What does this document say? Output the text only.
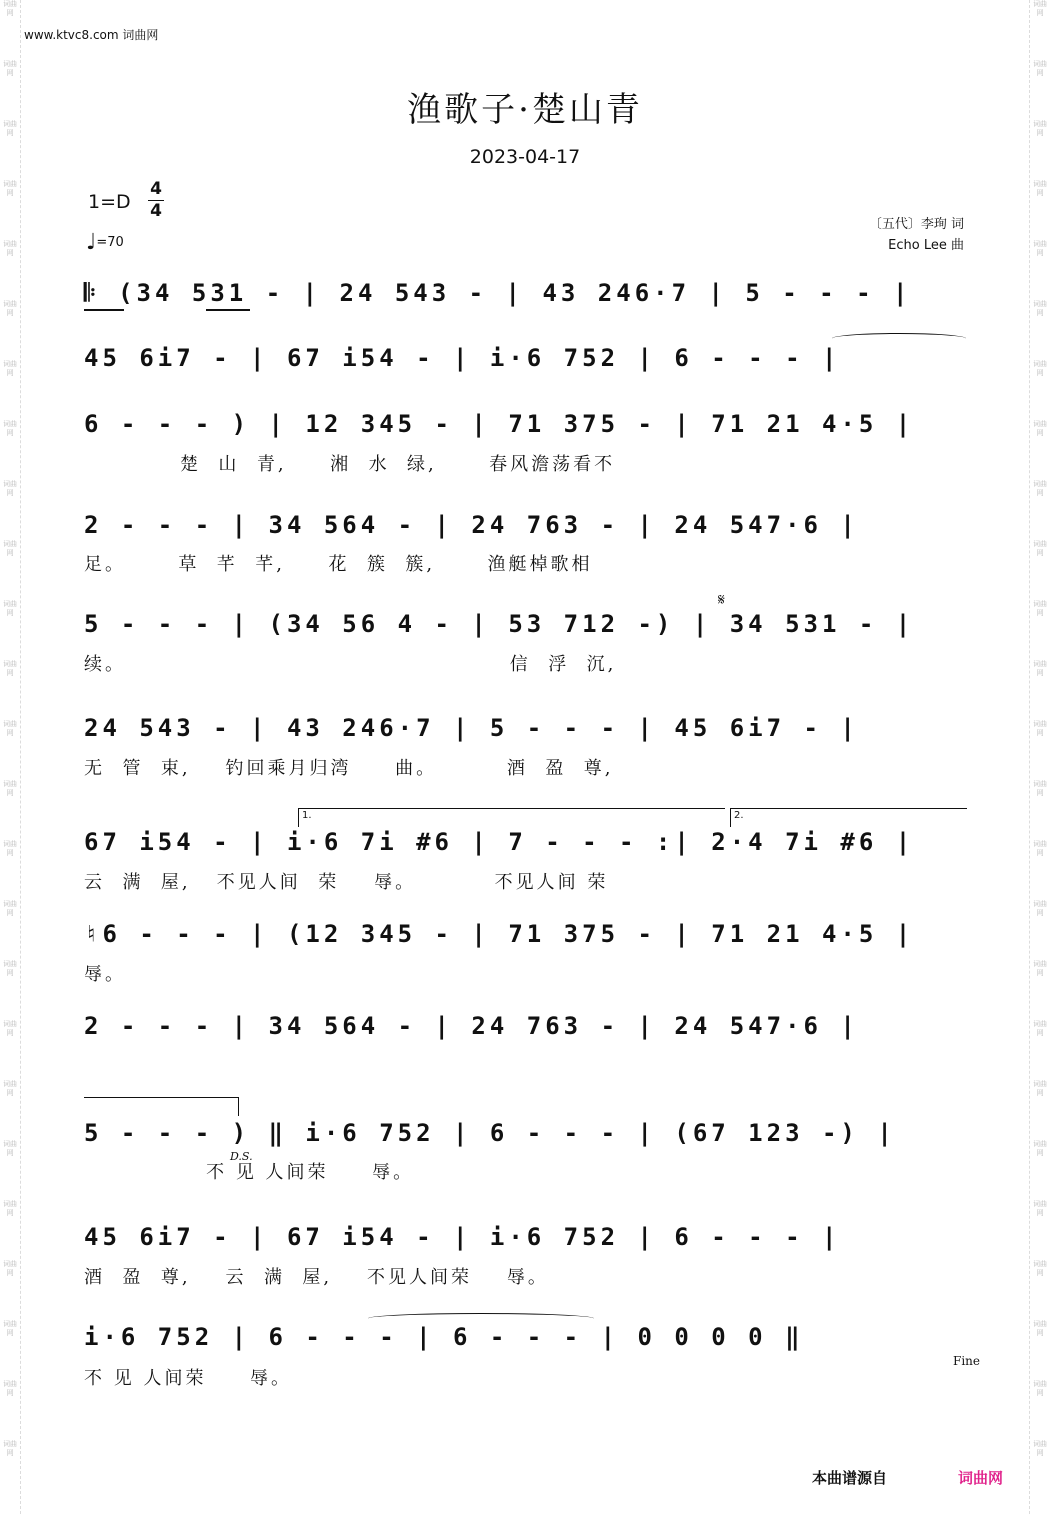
词曲网
词曲网
词曲网
词曲网
词曲网
词曲网
词曲网
词曲网
词曲网
词曲网
词曲网
词曲网
词曲网
词曲网
词曲网
词曲网
词曲网
词曲网
词曲网
词曲网
词曲网
词曲网
词曲网
词曲网
词曲网
词曲网
词曲网
词曲网
词曲网
词曲网
词曲网
词曲网
词曲网
词曲网
词曲网
词曲网
词曲网
词曲网
词曲网
词曲网
词曲网
词曲网
词曲网
词曲网
词曲网
词曲网
词曲网
词曲网
词曲网
词曲网
www.ktvc8.com 词曲网
渔歌子·楚山青
2023-04-17
1=D
4
4
♩=70
〔五代〕李珣 词
Echo Lee 曲
𝄆 (34 531 - | 24 543 - | 43 246·7 | 5 - - - |
45 6i7 - | 67 i54 - | i·6 752 | 6 - - - |
6 - - - ) | 12 345 - | 71 375 - | 71 21 4·5 |
楚  山  青,     湘  水  绿,      春风澹荡看不
2 - - - | 34 564 - | 24 763 - | 24 547·6 |
足。      草  芊  芊,     花  簇  簇,      渔艇棹歌相
𝄋
5 - - - | (34 56 4 - | 53 712 -) | 34 531 - |
续。                                            信  浮  沉,
24 543 - | 43 246·7 | 5 - - - | 45 6i7 - |
无  管  束,    钓回乘月归湾     曲。        酒  盈  尊,
1.	2.
67 i54 - | i·6 7i #6 | 7 - - - :| 2·4 7i #6 |
云  满  屋,   不见人间  荣    辱。         不见人间 荣
♮6 - - - | (12 345 - | 71 375 - | 71 21 4·5 |
辱。
2 - - - | 34 564 - | 24 763 - | 24 547·6 |
5 - - - ) ‖ i·6 752 | 6 - - - | (67 123 -) |
D.S.
不 见 人间荣     辱。
45 6i7 - | 67 i54 - | i·6 752 | 6 - - - |
酒  盈  尊,    云  满  屋,    不见人间荣    辱。
i·6 752 | 6 - - - | 6 - - - | 0 0 0 0 ‖
Fine
不 见 人间荣     辱。
本曲谱源自	词曲网
